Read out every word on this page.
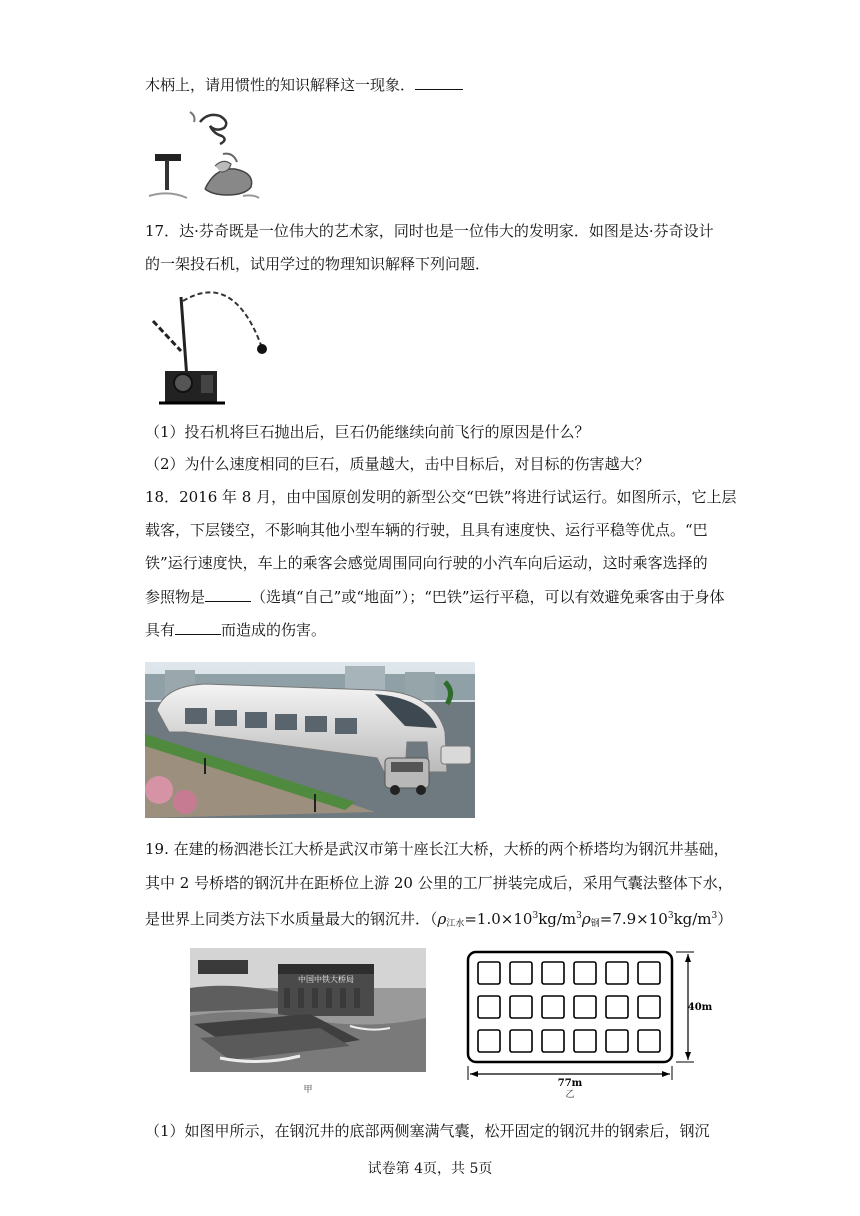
木柄上，请用惯性的知识解释这一现象．
17．达·芬奇既是一位伟大的艺术家，同时也是一位伟大的发明家．如图是达·芬奇设计
的一架投石机，试用学过的物理知识解释下列问题．
（1）投石机将巨石抛出后，巨石仍能继续向前飞行的原因是什么？
（2）为什么速度相同的巨石，质量越大，击中目标后，对目标的伤害越大？
18．2016 年 8 月，由中国原创发明的新型公交“巴铁”将进行试运行。如图所示，它上层
载客，下层镂空，不影响其他小型车辆的行驶，且具有速度快、运行平稳等优点。“巴
铁”运行速度快，车上的乘客会感觉周围同向行驶的小汽车向后运动，这时乘客选择的
参照物是	（选填“自己”或“地面”）；“巴铁”运行平稳，可以有效避免乘客由于身体
具有	而造成的伤害。
19. 在建的杨泗港长江大桥是武汉市第十座长江大桥，大桥的两个桥塔均为钢沉井基础，
其中 2 号桥塔的钢沉井在距桥位上游 20 公里的工厂拼装完成后，采用气囊法整体下水，
是世界上同类方法下水质量最大的钢沉井．$(\rho_{江水}=1.0\times 10^3kg/m^3\rho_钢=7.9\times 10^3kg/m^3)$
中国中铁大桥局
甲
77m
乙
40m
（1）如图甲所示，在钢沉井的底部两侧塞满气囊，松开固定的钢沉井的钢索后，钢沉
试卷第 4页，共 5页
